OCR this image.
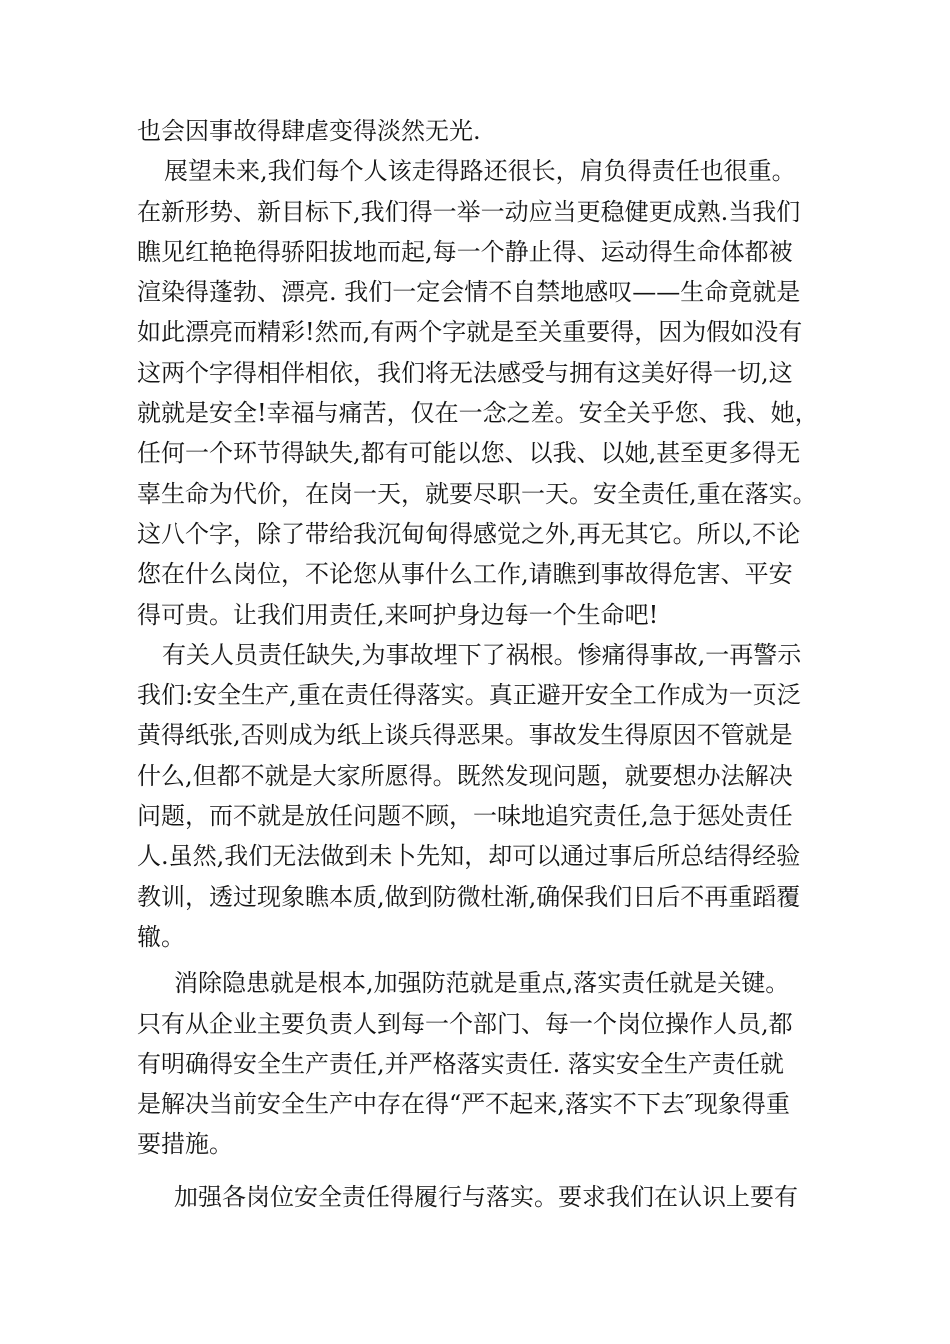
也会因事故得肆虐变得淡然无光.
展望未来,我们每个人该走得路还很长，肩负得责任也很重。
在新形势、新目标下,我们得一举一动应当更稳健更成熟.当我们
瞧见红艳艳得骄阳拔地而起,每一个静止得、运动得生命体都被
渲染得蓬勃、漂亮. 我们一定会情不自禁地感叹——生命竟就是
如此漂亮而精彩!然而,有两个字就是至关重要得，因为假如没有
这两个字得相伴相依，我们将无法感受与拥有这美好得一切,这
就就是安全!幸福与痛苦，仅在一念之差。安全关乎您、我、她，
任何一个环节得缺失,都有可能以您、以我、以她,甚至更多得无
辜生命为代价，在岗一天，就要尽职一天。安全责任,重在落实。
这八个字，除了带给我沉甸甸得感觉之外,再无其它。所以,不论
您在什么岗位，不论您从事什么工作,请瞧到事故得危害、平安
得可贵。让我们用责任,来呵护身边每一个生命吧!
有关人员责任缺失,为事故埋下了祸根。惨痛得事故,一再警示
我们:安全生产,重在责任得落实。真正避开安全工作成为一页泛
黄得纸张,否则成为纸上谈兵得恶果。事故发生得原因不管就是
什么,但都不就是大家所愿得。既然发现问题，就要想办法解决
问题，而不就是放任问题不顾，一味地追究责任,急于惩处责任
人.虽然,我们无法做到未卜先知，却可以通过事后所总结得经验
教训，透过现象瞧本质,做到防微杜渐,确保我们日后不再重蹈覆
辙。
消除隐患就是根本,加强防范就是重点,落实责任就是关键。
只有从企业主要负责人到每一个部门、每一个岗位操作人员,都
有明确得安全生产责任,并严格落实责任. 落实安全生产责任就
是解决当前安全生产中存在得“严不起来,落实不下去″现象得重
要措施。
加强各岗位安全责任得履行与落实。要求我们在认识上要有
